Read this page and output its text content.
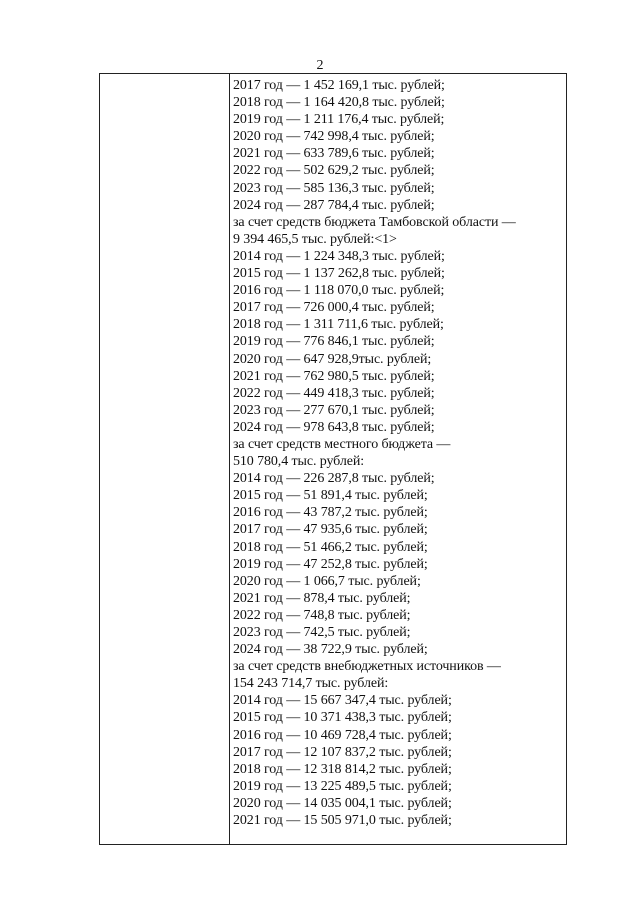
2
2017 год — 1 452 169,1 тыс. рублей;
2018 год — 1 164 420,8 тыс. рублей;
2019 год — 1 211 176,4 тыс. рублей;
2020 год — 742 998,4 тыс. рублей;
2021 год — 633 789,6 тыс. рублей;
2022 год — 502 629,2 тыс. рублей;
2023 год — 585 136,3 тыс. рублей;
2024 год — 287 784,4 тыс. рублей;
за счет средств бюджета Тамбовской области —
9 394 465,5 тыс. рублей:<1>
2014 год — 1 224 348,3 тыс. рублей;
2015 год — 1 137 262,8 тыс. рублей;
2016 год — 1 118 070,0 тыс. рублей;
2017 год — 726 000,4 тыс. рублей;
2018 год — 1 311 711,6 тыс. рублей;
2019 год — 776 846,1 тыс. рублей;
2020 год — 647 928,9тыс. рублей;
2021 год — 762 980,5 тыс. рублей;
2022 год — 449 418,3 тыс. рублей;
2023 год — 277 670,1 тыс. рублей;
2024 год — 978 643,8 тыс. рублей;
за счет средств местного бюджета —
510 780,4 тыс. рублей:
2014 год — 226 287,8 тыс. рублей;
2015 год — 51 891,4 тыс. рублей;
2016 год — 43 787,2 тыс. рублей;
2017 год — 47 935,6 тыс. рублей;
2018 год — 51 466,2 тыс. рублей;
2019 год — 47 252,8 тыс. рублей;
2020 год — 1 066,7 тыс. рублей;
2021 год — 878,4 тыс. рублей;
2022 год — 748,8 тыс. рублей;
2023 год — 742,5 тыс. рублей;
2024 год — 38 722,9 тыс. рублей;
за счет средств внебюджетных источников —
154 243 714,7 тыс. рублей:
2014 год — 15 667 347,4 тыс. рублей;
2015 год — 10 371 438,3 тыс. рублей;
2016 год — 10 469 728,4 тыс. рублей;
2017 год — 12 107 837,2 тыс. рублей;
2018 год — 12 318 814,2 тыс. рублей;
2019 год — 13 225 489,5 тыс. рублей;
2020 год — 14 035 004,1 тыс. рублей;
2021 год — 15 505 971,0 тыс. рублей;
